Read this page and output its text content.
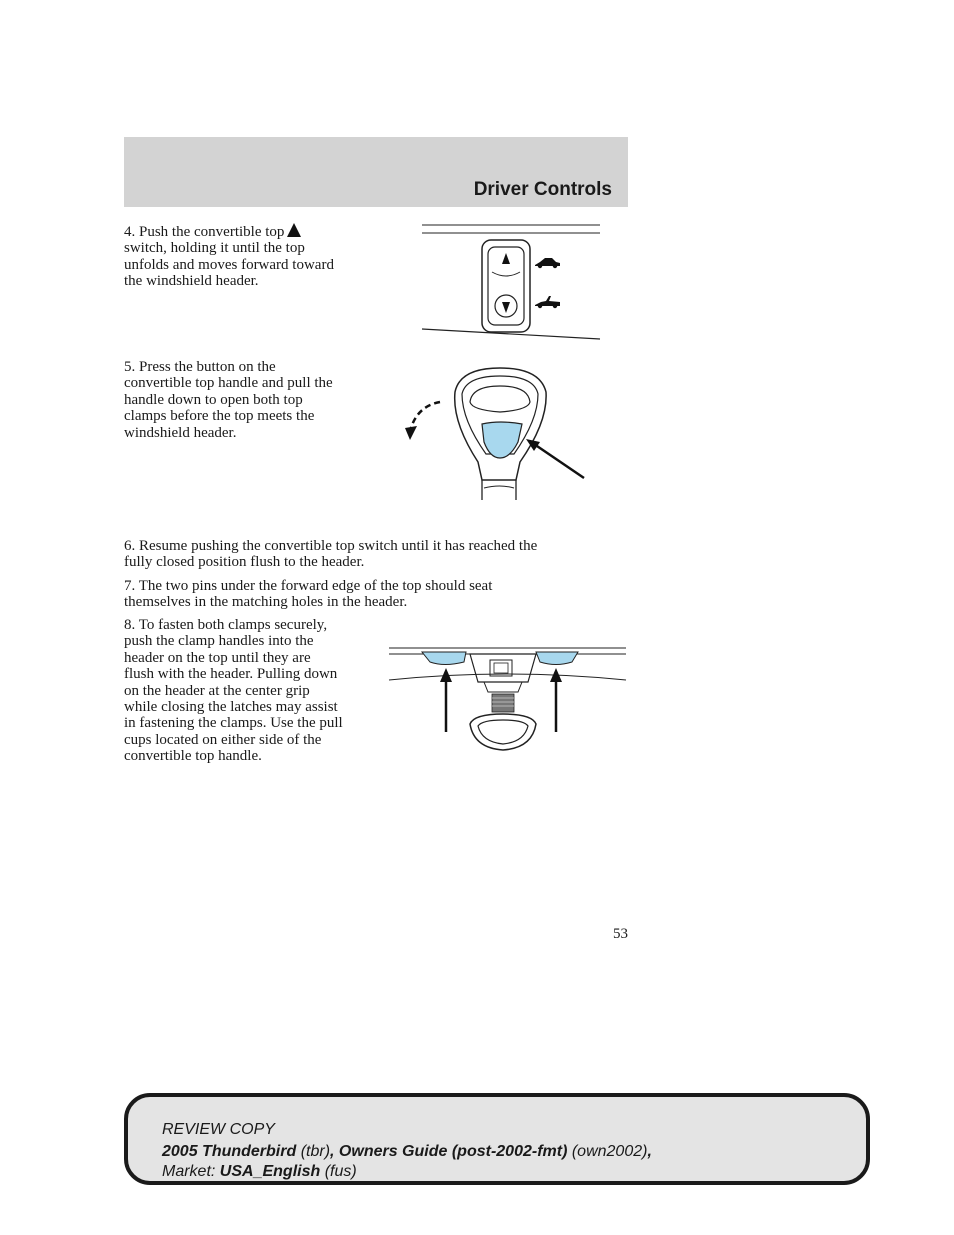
Driver Controls
4. Push the convertible top
switch, holding it until the top
unfolds and moves forward toward
the windshield header.
5. Press the button on the
convertible top handle and pull the
handle down to open both top
clamps before the top meets the
windshield header.
6. Resume pushing the convertible top switch until it has reached the
fully closed position flush to the header.
7. The two pins under the forward edge of the top should seat
themselves in the matching holes in the header.
8. To fasten both clamps securely,
push the clamp handles into the
header on the top until they are
flush with the header. Pulling down
on the header at the center grip
while closing the latches may assist
in fastening the clamps. Use the pull
cups located on either side of the
convertible top handle.
53
REVIEW COPY
2005 Thunderbird (tbr), Owners Guide (post-2002-fmt) (own2002),
Market: USA_English (fus)
